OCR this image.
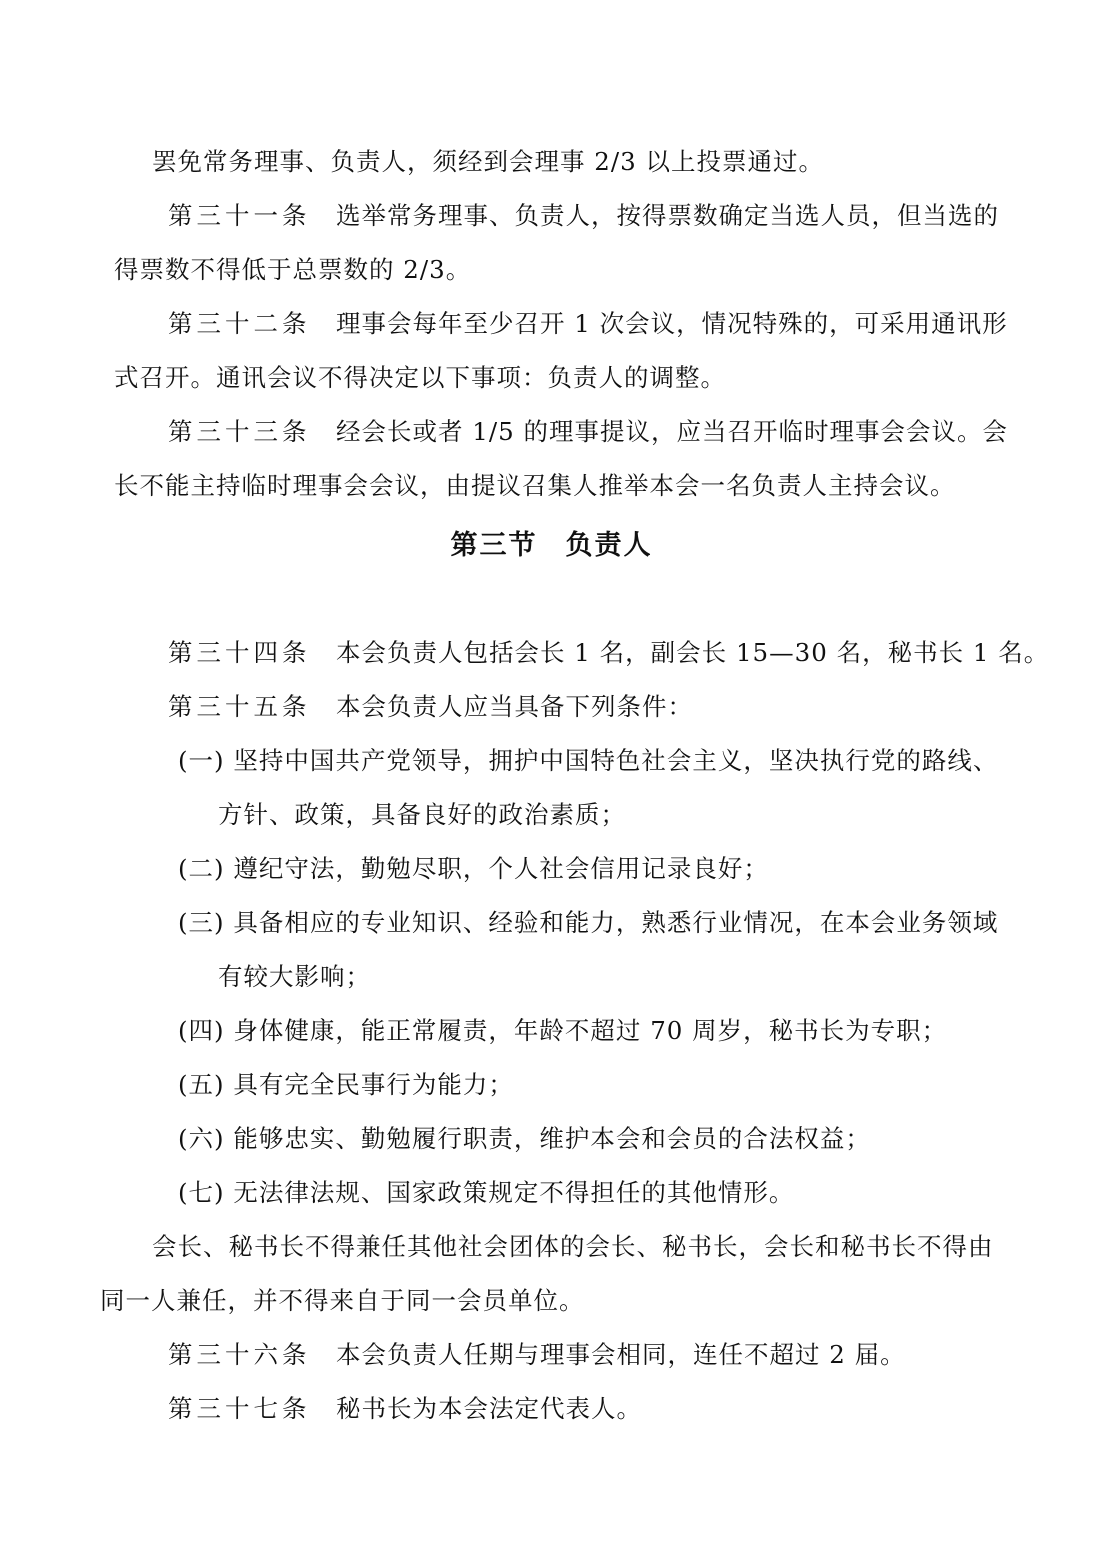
罢免常务理事、负责人，须经到会理事 2/3 以上投票通过。
第三十一条 选举常务理事、负责人，按得票数确定当选人员，但当选的
得票数不得低于总票数的 2/3。
第三十二条 理事会每年至少召开 1 次会议，情况特殊的，可采用通讯形
式召开。通讯会议不得决定以下事项：负责人的调整。
第三十三条 经会长或者 1/5 的理事提议，应当召开临时理事会会议。会
长不能主持临时理事会会议，由提议召集人推举本会一名负责人主持会议。
第三节 负责人
第三十四条 本会负责人包括会长 1 名，副会长 15—30 名，秘书长 1 名。
第三十五条 本会负责人应当具备下列条件：
(一) 坚持中国共产党领导，拥护中国特色社会主义，坚决执行党的路线、
方针、政策，具备良好的政治素质；
(二) 遵纪守法，勤勉尽职，个人社会信用记录良好；
(三) 具备相应的专业知识、经验和能力，熟悉行业情况，在本会业务领域
有较大影响；
(四) 身体健康，能正常履责，年龄不超过 70 周岁，秘书长为专职；
(五) 具有完全民事行为能力；
(六) 能够忠实、勤勉履行职责，维护本会和会员的合法权益；
(七) 无法律法规、国家政策规定不得担任的其他情形。
会长、秘书长不得兼任其他社会团体的会长、秘书长，会长和秘书长不得由
同一人兼任，并不得来自于同一会员单位。
第三十六条 本会负责人任期与理事会相同，连任不超过 2 届。
第三十七条 秘书长为本会法定代表人。
